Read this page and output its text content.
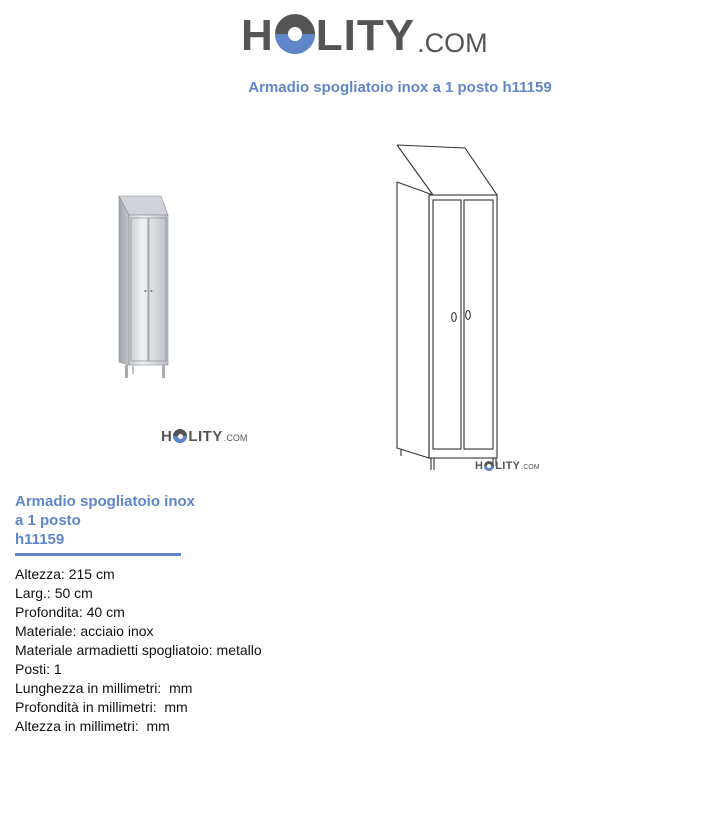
H LITY .COM
Armadio spogliatoio inox a 1 posto h11159
H LITY .COM
H LITY .COM
Armadio spogliatoio inox
a 1 posto
h11159
Altezza: 215 cm
Larg.: 50 cm
Profondita: 40 cm
Materiale: acciaio inox
Materiale armadietti spogliatoio: metallo
Posti: 1
Lunghezza in millimetri:  mm
Profondità in millimetri:  mm
Altezza in millimetri:  mm
